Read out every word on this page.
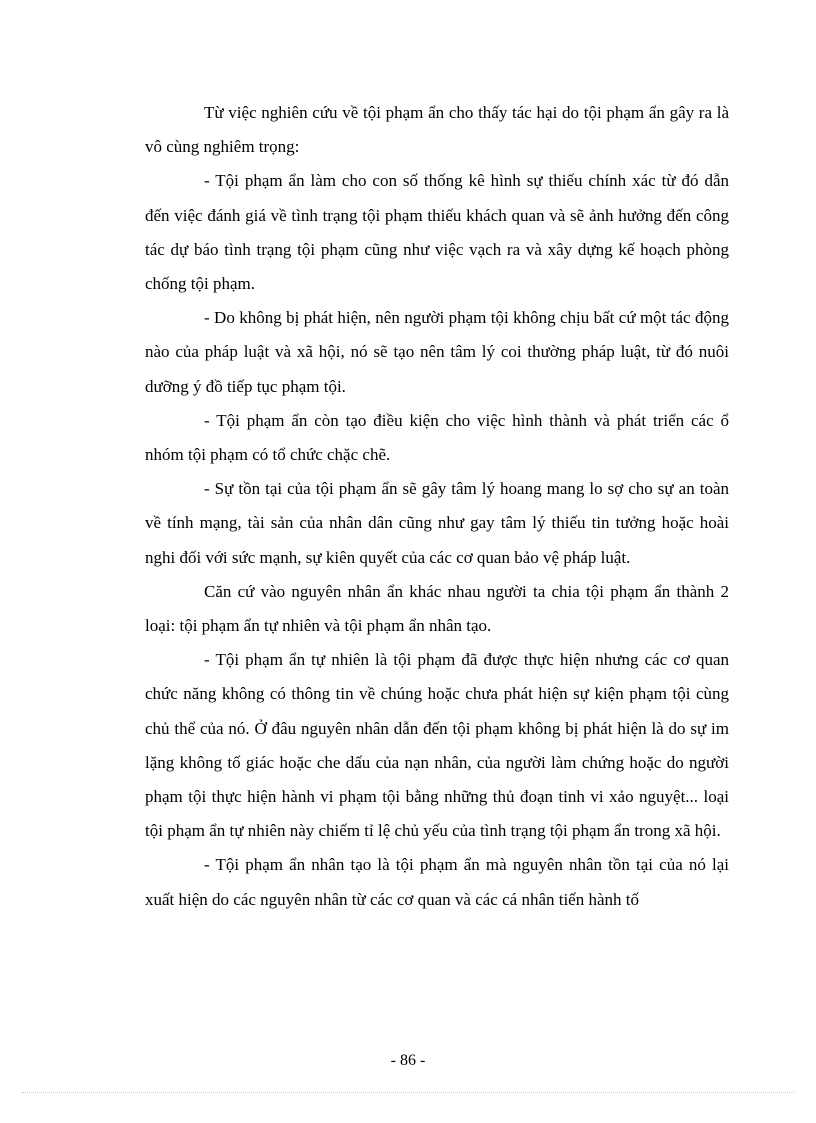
Từ việc nghiên cứu về tội phạm ẩn cho thấy tác hại do tội phạm ẩn gây ra là vô cùng nghiêm trọng:

- Tội phạm ẩn làm cho con số thống kê hình sự thiếu chính xác từ đó dẫn đến việc đánh giá về tình trạng tội phạm thiếu khách quan và sẽ ảnh hưởng đến công tác dự báo tình trạng tội phạm cũng như việc vạch ra và xây dựng kế hoạch phòng chống tội phạm.

- Do không bị phát hiện, nên người phạm tội không chịu bất cứ một tác động nào của pháp luật và xã hội, nó sẽ tạo nên tâm lý coi thường pháp luật, từ đó nuôi dưỡng ý đồ tiếp tục phạm tội.

- Tội phạm ẩn còn tạo điều kiện cho việc hình thành và phát triển các ổ nhóm tội phạm có tổ chức chặc chẽ.

- Sự tồn tại của tội phạm ẩn sẽ gây tâm lý hoang mang lo sợ cho sự an toàn về tính mạng, tài sản của nhân dân cũng như gay tâm lý thiếu tin tưởng hoặc hoài nghi đối với sức mạnh, sự kiên quyết của các cơ quan bảo vệ pháp luật.

Căn cứ vào nguyên nhân ẩn khác nhau người ta chia tội phạm ẩn thành 2 loại: tội phạm ẩn tự nhiên và tội phạm ẩn nhân tạo.

- Tội phạm ẩn tự nhiên là tội phạm đã được thực hiện nhưng các cơ quan chức năng không có thông tin về chúng hoặc chưa phát hiện sự kiện phạm tội cùng chủ thể của nó. Ở đâu nguyên nhân dẫn đến tội phạm không bị phát hiện là do sự im lặng không tố giác hoặc che dấu của nạn nhân, của người làm chứng hoặc do người phạm tội thực hiện hành vi phạm tội bằng những thủ đoạn tinh vi xảo nguyệt... loại tội phạm ẩn tự nhiên này chiếm tỉ lệ chủ yếu của tình trạng tội phạm ẩn trong xã hội.

- Tội phạm ẩn nhân tạo là tội phạm ẩn mà nguyên nhân tồn tại của nó lại xuất hiện do các nguyên nhân từ các cơ quan và các cá nhân tiến hành tố

- 86 -
